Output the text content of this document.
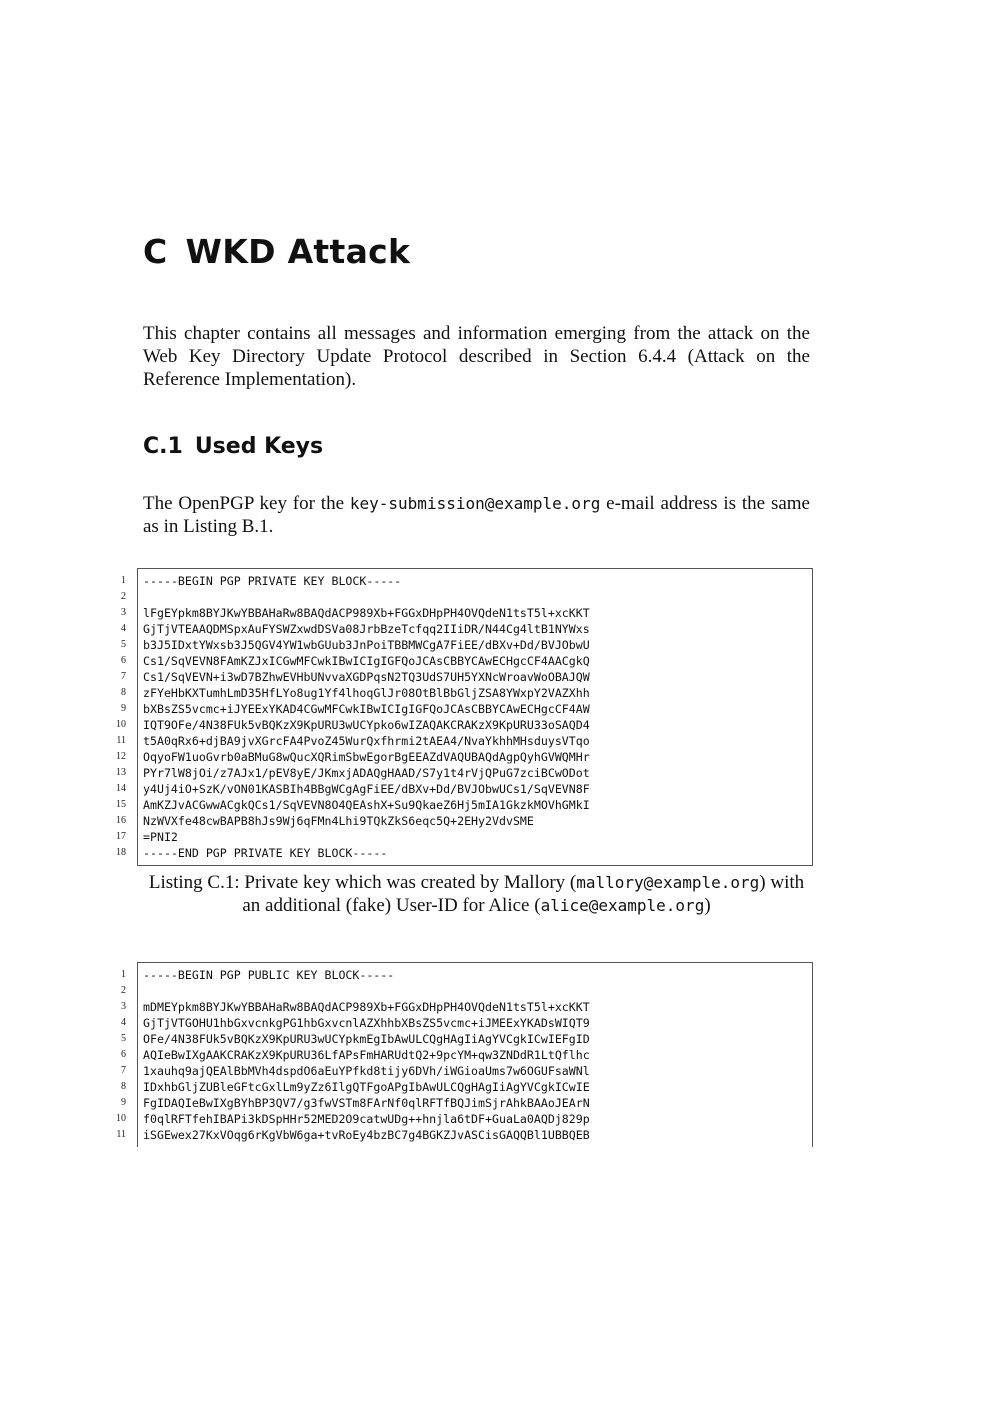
C WKD Attack

This chapter contains all messages and information emerging from the attack on the Web Key Directory Update Protocol described in Section 6.4.4 (Attack on the Reference Implementation).

C.1 Used Keys

The OpenPGP key for the key-submission@example.org e-mail address is the same as in Listing B.1.

1 -----BEGIN PGP PRIVATE KEY BLOCK-----
2
3 lFgEYpkm8BYJKwYBBAHaRw8BAQdACP989Xb+FGGxDHpPH4OVQdeN1tsT5l+xcKKT
4 GjTjVTEAAQDMSpxAuFYSWZxwdDSVa08JrbBzeTcfqq2IIiDR/N44Cg4ltB1NYWxs
5 b3J5IDxtYWxsb3J5QGV4YW1wbGUub3JnPoiTBBMWCgA7FiEE/dBXv+Dd/BVJObwU
6 Cs1/SqVEVN8FAmKZJxICGwMFCwkIBwICIgIGFQoJCAsCBBYCAwECHgcCF4AACgkQ
7 Cs1/SqVEVN+i3wD7BZhwEVHbUNvvaXGDPqsN2TQ3UdS7UH5YXNcWroavWoOBAJQW
8 zFYeHbKXTumhLmD35HfLYo8ug1Yf4lhoqGlJr08OtBlBbGljZSA8YWxpY2VAZXhh
9 bXBsZS5vcmc+iJYEExYKAD4CGwMFCwkIBwICIgIGFQoJCAsCBBYCAwECHgcCF4AW
10 IQT9OFe/4N38FUk5vBQKzX9KpURU3wUCYpko6wIZAQAKCRAKzX9KpURU33oSAQD4
11 t5A0qRx6+djBA9jvXGrcFA4PvoZ45WurQxfhrmi2tAEA4/NvaYkhhMHsduysVTqo
12 OqyoFW1uoGvrb0aBMuG8wQucXQRimSbwEgorBgEEAZdVAQUBAQdAgpQyhGVWQMHr
13 PYr7lW8jOi/z7AJx1/pEV8yE/JKmxjADAQgHAAD/S7y1t4rVjQPuG7zciBCwODot
14 y4Uj4iO+SzK/vON01KASBIh4BBgWCgAgFiEE/dBXv+Dd/BVJObwUCs1/SqVEVN8F
15 AmKZJvACGwwACgkQCs1/SqVEVN8O4QEAshX+Su9QkaeZ6Hj5mIA1GkzkMOVhGMkI
16 NzWVXfe48cwBAPB8hJs9Wj6qFMn4Lhi9TQkZkS6eqc5Q+2EHy2VdvSME
17 =PNI2
18 -----END PGP PRIVATE KEY BLOCK-----

Listing C.1: Private key which was created by Mallory (mallory@example.org) with an additional (fake) User-ID for Alice (alice@example.org)

1 -----BEGIN PGP PUBLIC KEY BLOCK-----
2
3 mDMEYpkm8BYJKwYBBAHaRw8BAQdACP989Xb+FGGxDHpPH4OVQdeN1tsT5l+xcKKT
4 GjTjVTGOHU1hbGxvcnkgPG1hbGxvcnlAZXhhbXBsZS5vcmc+iJMEExYKADsWIQT9
5 OFe/4N38FUk5vBQKzX9KpURU3wUCYpkmEgIbAwULCQgHAgIiAgYVCgkICwIEFgID
6 AQIeBwIXgAAKCRAKzX9KpURU36LfAPsFmHARUdtQ2+9pcYM+qw3ZNDdR1LtQflhc
7 1xauhq9ajQEAlBbMVh4dspdO6aEuYPfkd8tijy6DVh/iWGioaUms7w6OGUFsaWNl
8 IDxhbGljZUBleGFtcGxlLm9yZz6IlgQTFgoAPgIbAwULCQgHAgIiAgYVCgkICwIE
9 FgIDAQIeBwIXgBYhBP3QV7/g3fwVSTm8FArNf0qlRFTfBQJimSjrAhkBAAoJEArN
10 f0qlRFTfehIBAPi3kDSpHHr52MED2O9catwUDg++hnjla6tDF+GuaLa0AQDj829p
11 iSGEwex27KxVOqg6rKgVbW6ga+tvRoEy4bzBC7g4BGKZJvASCisGAQQBl1UBBQEB
